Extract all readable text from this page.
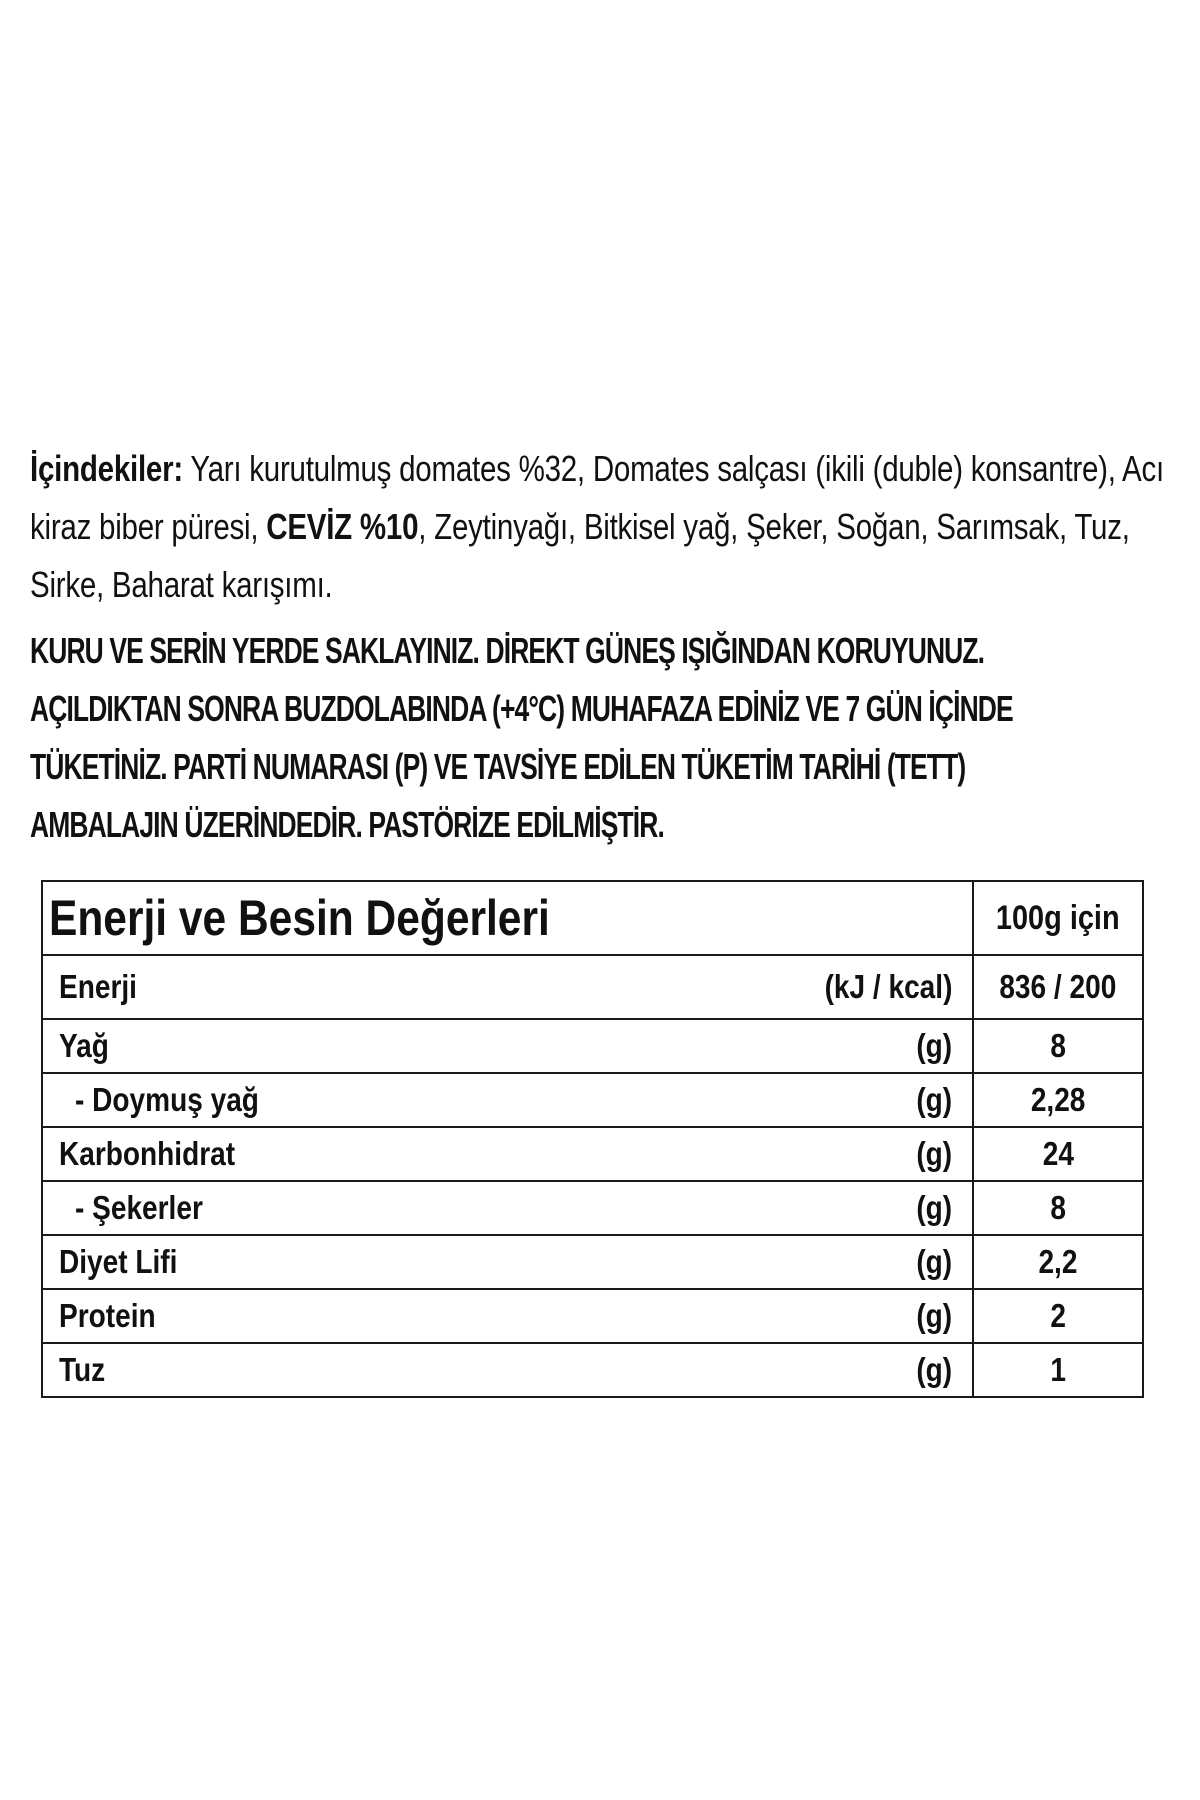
İçindekiler: Yarı kurutulmuş domates %32, Domates salçası (ikili (duble) konsantre), Acı kiraz biber püresi, CEVİZ %10, Zeytinyağı, Bitkisel yağ, Şeker, Soğan, Sarımsak, Tuz, Sirke, Baharat karışımı.
KURU VE SERİN YERDE SAKLAYINIZ. DİREKT GÜNEŞ IŞIĞINDAN KORUYUNUZ.
AÇILDIKTAN SONRA BUZDOLABINDA (+4°C) MUHAFAZA EDİNİZ VE 7 GÜN İÇİNDE
TÜKETİNİZ. PARTİ NUMARASI (P) VE TAVSİYE EDİLEN TÜKETİM TARİHİ (TETT)
AMBALAJIN ÜZERİNDEDİR. PASTÖRİZE EDİLMİŞTİR.
Enerji ve Besin Değerleri	100g için
Enerji	(kJ / kcal) 836 / 200
Yağ	(g)	8
- Doymuş yağ	(g) 2,28
Karbonhidrat	(g)	24
- Şekerler	(g)	8
Diyet Lifi	(g)	2,2
Protein	(g)	2
Tuz	(g)	1
